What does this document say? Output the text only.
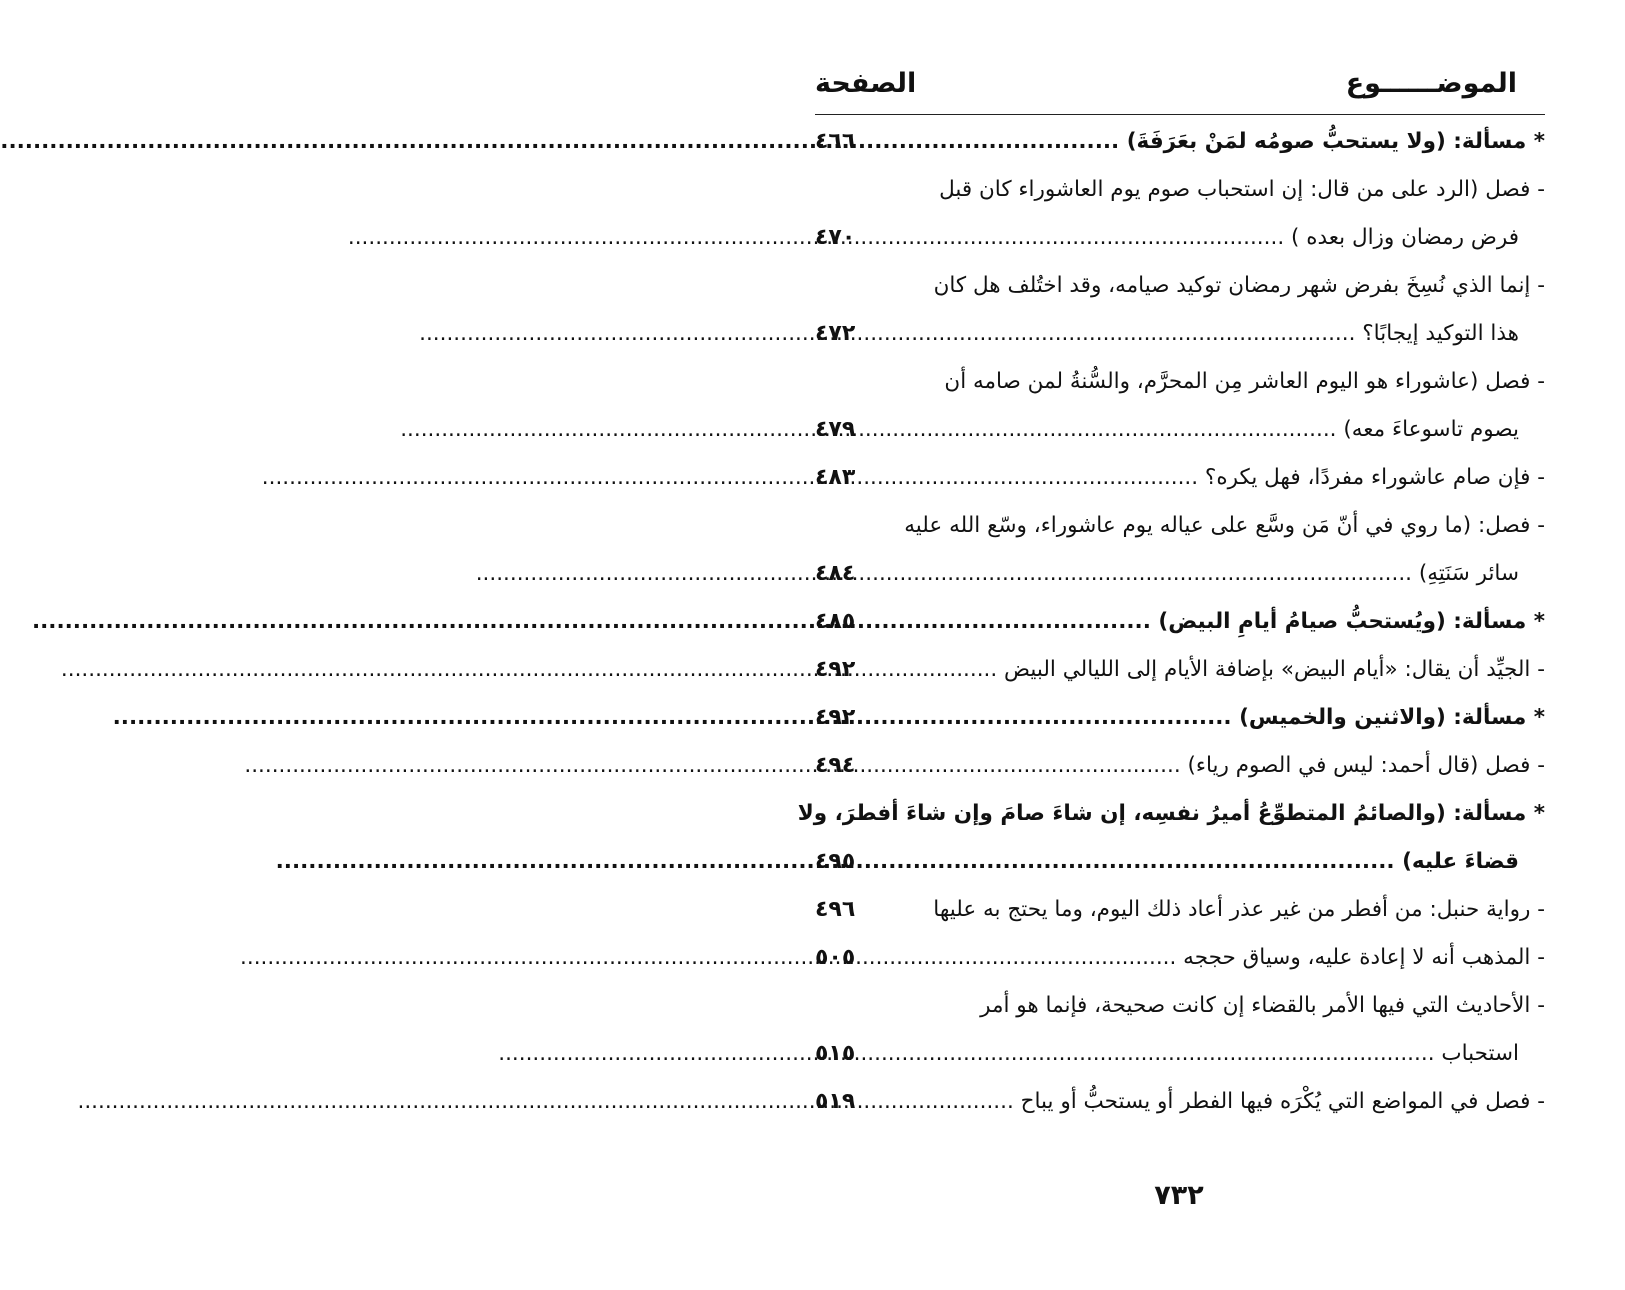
الموضــــــوع
الصفحة
* مسألة: (ولا يستحبُّ صومُه لمَنْ بعَرَفَةَ) .....
٤٦٦
- فصل (الرد على من قال: إن استحباب صوم يوم العاشوراء كان قبل
فرض رمضان وزال بعده ) .....
٤٧٠
- إنما الذي نُسِخَ بفرض شهر رمضان توكيد صيامه، وقد اختُلف هل كان
هذا التوكيد إيجابًا؟ .....
٤٧٢
- فصل (عاشوراء هو اليوم العاشر مِن المحرَّم، والسُّنةُ لمن صامه أن
يصوم تاسوعاءَ معه) .....
٤٧٩
- فإن صام عاشوراء مفردًا، فهل يكره؟ .....
٤٨٣
- فصل: (ما روي في أنّ مَن وسَّع على عياله يوم عاشوراء، وسّع الله عليه
سائر سَنَتِهِ) .....
٤٨٤
* مسألة: (ويُستحبُّ صيامُ أيامِ البيض) .....
٤٨٥
- الجيِّد أن يقال: «أيام البيض» بإضافة الأيام إلى الليالي البيض .....
٤٩٢
* مسألة: (والاثنين والخميس) .....
٤٩٢
- فصل (قال أحمد: ليس في الصوم رياء) .....
٤٩٤
* مسألة: (والصائمُ المتطوِّعُ أميرُ نفسِه، إن شاءَ صامَ وإن شاءَ أفطرَ، ولا
قضاءَ عليه) .....
٤٩٥
- رواية حنبل: من أفطر من غير عذر أعاد ذلك اليوم، وما يحتج به عليها
٤٩٦
- المذهب أنه لا إعادة عليه، وسياق حججه .....
٥٠٥
- الأحاديث التي فيها الأمر بالقضاء إن كانت صحيحة، فإنما هو أمر
استحباب .....
٥١٥
- فصل في المواضع التي يُكْرَه فيها الفطر أو يستحبُّ أو يباح .....
٥١٩
٧٣٢
